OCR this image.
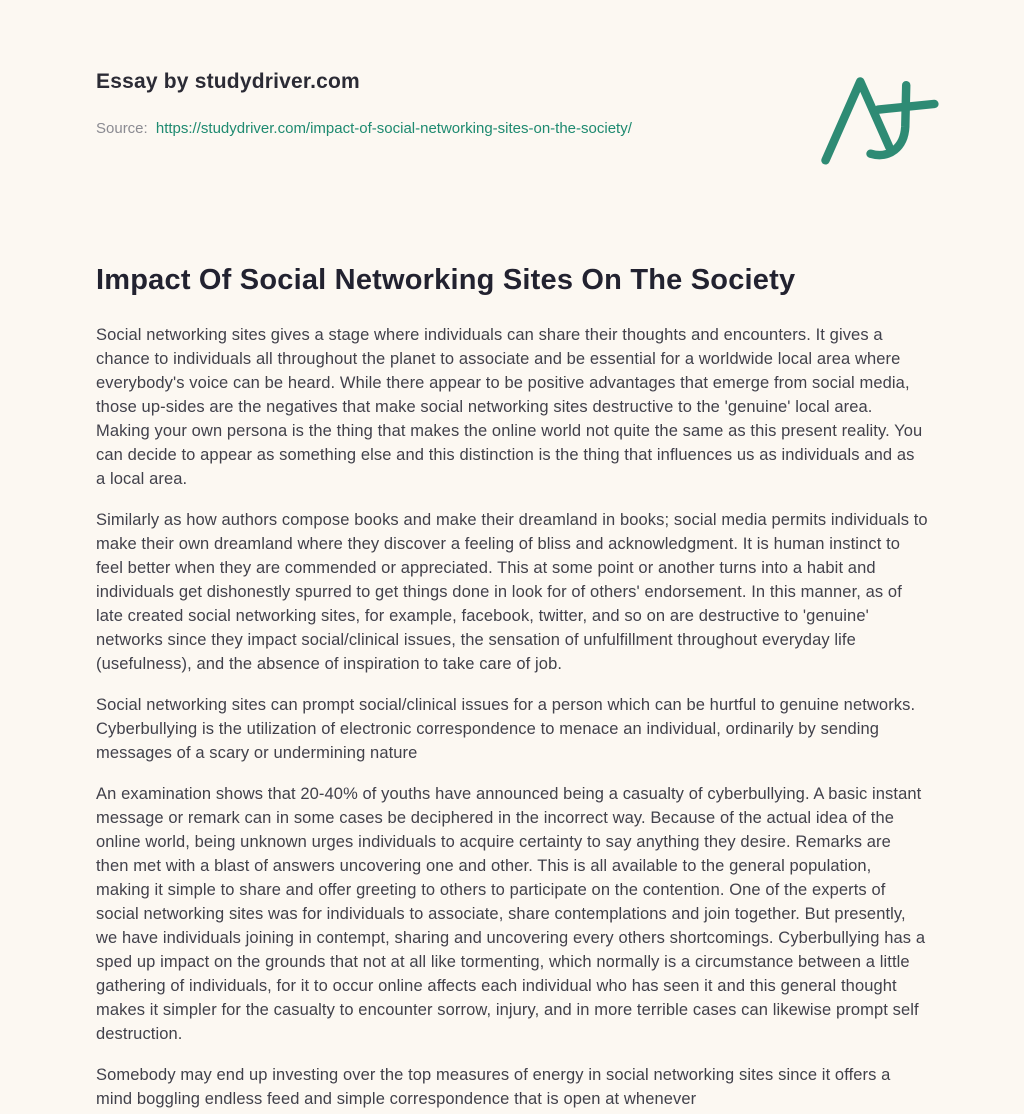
Essay by studydriver.com
Source: https://studydriver.com/impact-of-social-networking-sites-on-the-society/
Impact Of Social Networking Sites On The Society

Social networking sites gives a stage where individuals can share their thoughts and encounters. It gives a chance to individuals all throughout the planet to associate and be essential for a worldwide local area where everybody's voice can be heard. While there appear to be positive advantages that emerge from social media, those up-sides are the negatives that make social networking sites destructive to the 'genuine' local area. Making your own persona is the thing that makes the online world not quite the same as this present reality. You can decide to appear as something else and this distinction is the thing that influences us as individuals and as a local area.

Similarly as how authors compose books and make their dreamland in books; social media permits individuals to make their own dreamland where they discover a feeling of bliss and acknowledgment. It is human instinct to feel better when they are commended or appreciated. This at some point or another turns into a habit and individuals get dishonestly spurred to get things done in look for of others' endorsement. In this manner, as of late created social networking sites, for example, facebook, twitter, and so on are destructive to 'genuine' networks since they impact social/clinical issues, the sensation of unfulfillment throughout everyday life (usefulness), and the absence of inspiration to take care of job.

Social networking sites can prompt social/clinical issues for a person which can be hurtful to genuine networks. Cyberbullying is the utilization of electronic correspondence to menace an individual, ordinarily by sending messages of a scary or undermining nature

An examination shows that 20-40% of youths have announced being a casualty of cyberbullying. A basic instant message or remark can in some cases be deciphered in the incorrect way. Because of the actual idea of the online world, being unknown urges individuals to acquire certainty to say anything they desire. Remarks are then met with a blast of answers uncovering one and other. This is all available to the general population, making it simple to share and offer greeting to others to participate on the contention. One of the experts of social networking sites was for individuals to associate, share contemplations and join together. But presently, we have individuals joining in contempt, sharing and uncovering every others shortcomings. Cyberbullying has a sped up impact on the grounds that not at all like tormenting, which normally is a circumstance between a little gathering of individuals, for it to occur online affects each individual who has seen it and this general thought makes it simpler for the casualty to encounter sorrow, injury, and in more terrible cases can likewise prompt self destruction.

Somebody may end up investing over the top measures of energy in social networking sites since it offers a mind boggling endless feed and simple correspondence that is open at whenever
